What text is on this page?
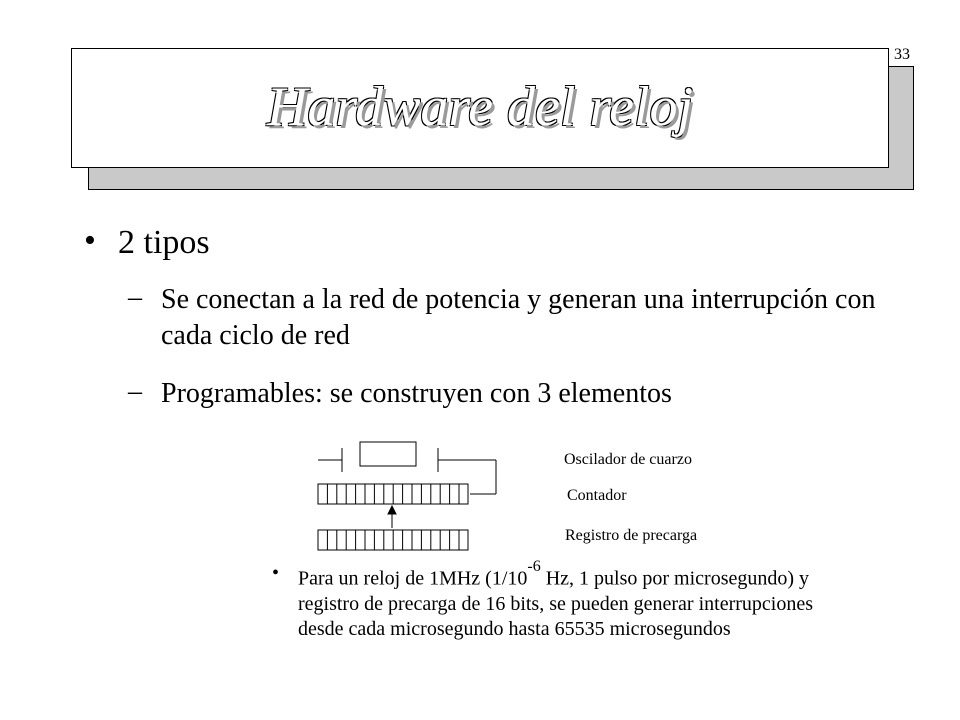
33
Hardware del reloj
• 2 tipos
– Se conectan a la red de potencia y generan una interrupción con cada ciclo de red
– Programables: se construyen con 3 elementos
Oscilador de cuarzo
Contador
Registro de precarga
• Para un reloj de 1MHz ($1/10^{-6}$ Hz, 1 pulso por microsegundo) y registro de precarga de 16 bits, se pueden generar interrupciones desde cada microsegundo hasta 65535 microsegundos
